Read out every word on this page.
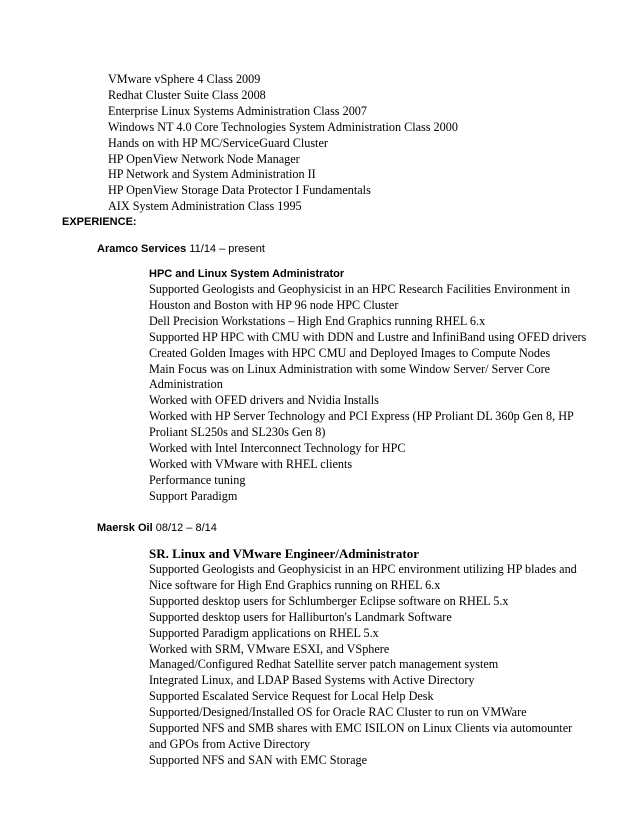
VMware vSphere 4 Class 2009
Redhat Cluster Suite Class 2008
Enterprise Linux Systems Administration Class 2007
Windows NT 4.0 Core Technologies System Administration Class 2000
Hands on with HP MC/ServiceGuard Cluster
HP OpenView Network Node Manager
HP Network and System Administration II
HP OpenView Storage Data Protector I Fundamentals
AIX System Administration Class 1995
EXPERIENCE:
Aramco Services 11/14 – present
HPC and Linux System Administrator
Supported Geologists and Geophysicist in an HPC Research Facilities Environment in Houston and Boston with HP 96 node HPC Cluster
Dell Precision Workstations – High End Graphics running RHEL 6.x
Supported HP HPC with CMU with DDN and Lustre and InfiniBand using OFED drivers
Created Golden Images with HPC CMU and Deployed Images to Compute Nodes
Main Focus was on Linux Administration with some Window Server/ Server Core Administration
Worked with OFED drivers and Nvidia Installs
Worked with HP Server Technology and PCI Express (HP Proliant DL 360p Gen 8, HP Proliant SL250s and SL230s Gen 8)
Worked with Intel Interconnect Technology for HPC
Worked with VMware with RHEL clients
Performance tuning
Support Paradigm
Maersk Oil 08/12 – 8/14
SR. Linux and VMware Engineer/Administrator
Supported Geologists and Geophysicist in an HPC environment utilizing HP blades and Nice software for High End Graphics running on RHEL 6.x
Supported desktop users for Schlumberger Eclipse software on RHEL 5.x
Supported desktop users for Halliburton's Landmark Software
Supported Paradigm applications on RHEL 5.x
Worked with SRM, VMware ESXI, and VSphere
Managed/Configured Redhat Satellite server patch management system
Integrated Linux, and LDAP Based Systems with Active Directory
Supported Escalated Service Request for Local Help Desk
Supported/Designed/Installed OS for Oracle RAC Cluster to run on VMWare
Supported NFS and SMB shares with EMC ISILON on Linux Clients via automounter and GPOs from Active Directory
Supported NFS and SAN with EMC Storage
